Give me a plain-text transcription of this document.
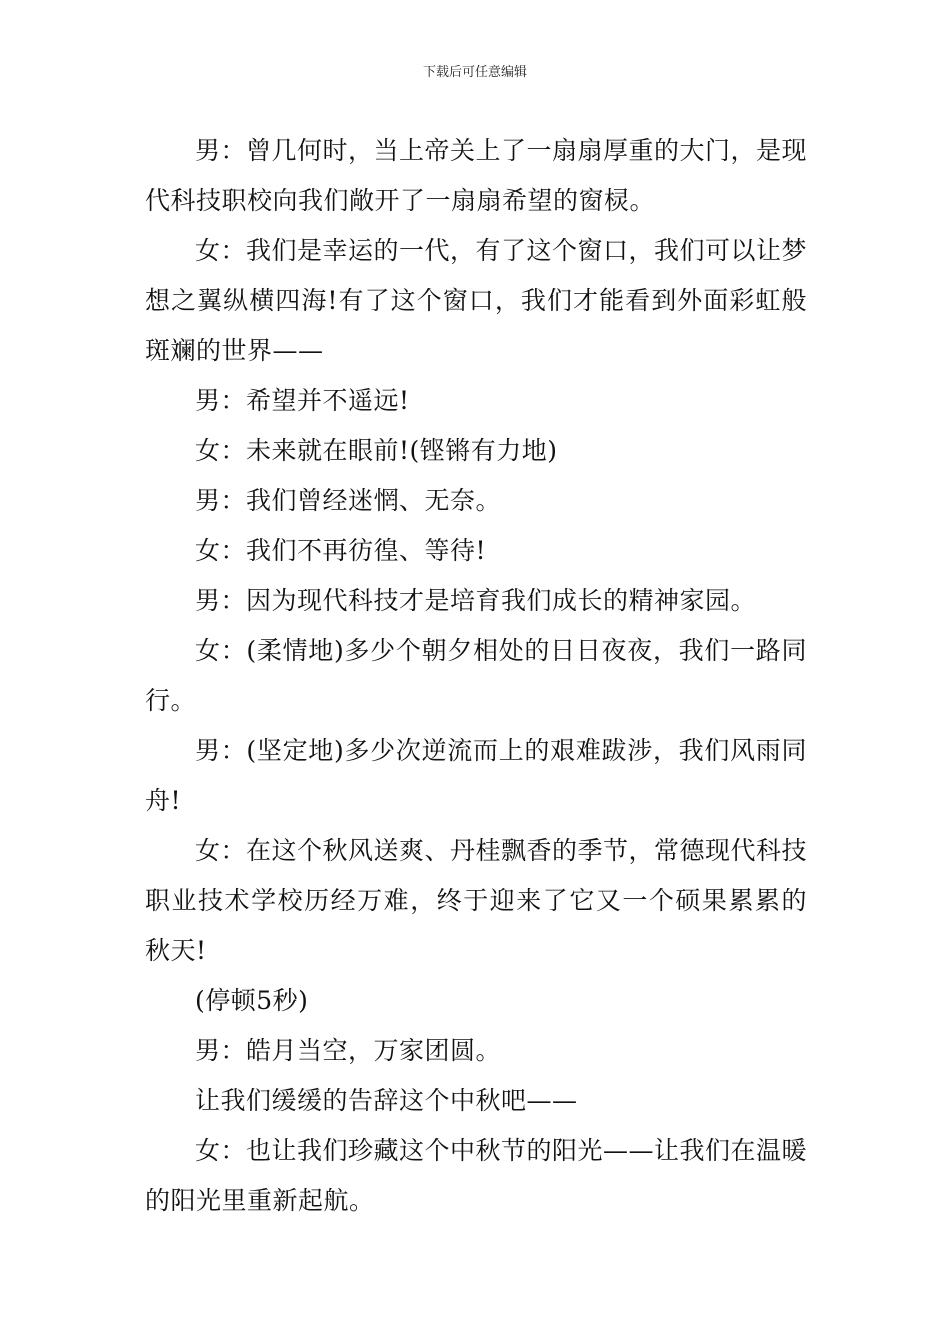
下载后可任意编辑

男：曾几何时，当上帝关上了一扇扇厚重的大门，是现代科技职校向我们敞开了一扇扇希望的窗棂。

女：我们是幸运的一代，有了这个窗口，我们可以让梦想之翼纵横四海!有了这个窗口，我们才能看到外面彩虹般斑斓的世界——

男：希望并不遥远!

女：未来就在眼前!(铿锵有力地)

男：我们曾经迷惘、无奈。

女：我们不再彷徨、等待!

男：因为现代科技才是培育我们成长的精神家园。

女：(柔情地)多少个朝夕相处的日日夜夜，我们一路同行。

男：(坚定地)多少次逆流而上的艰难跋涉，我们风雨同舟!

女：在这个秋风送爽、丹桂飘香的季节，常德现代科技职业技术学校历经万难，终于迎来了它又一个硕果累累的秋天!

(停顿5秒)

男：皓月当空，万家团圆。

让我们缓缓的告辞这个中秋吧——

女：也让我们珍藏这个中秋节的阳光——让我们在温暖的阳光里重新起航。
